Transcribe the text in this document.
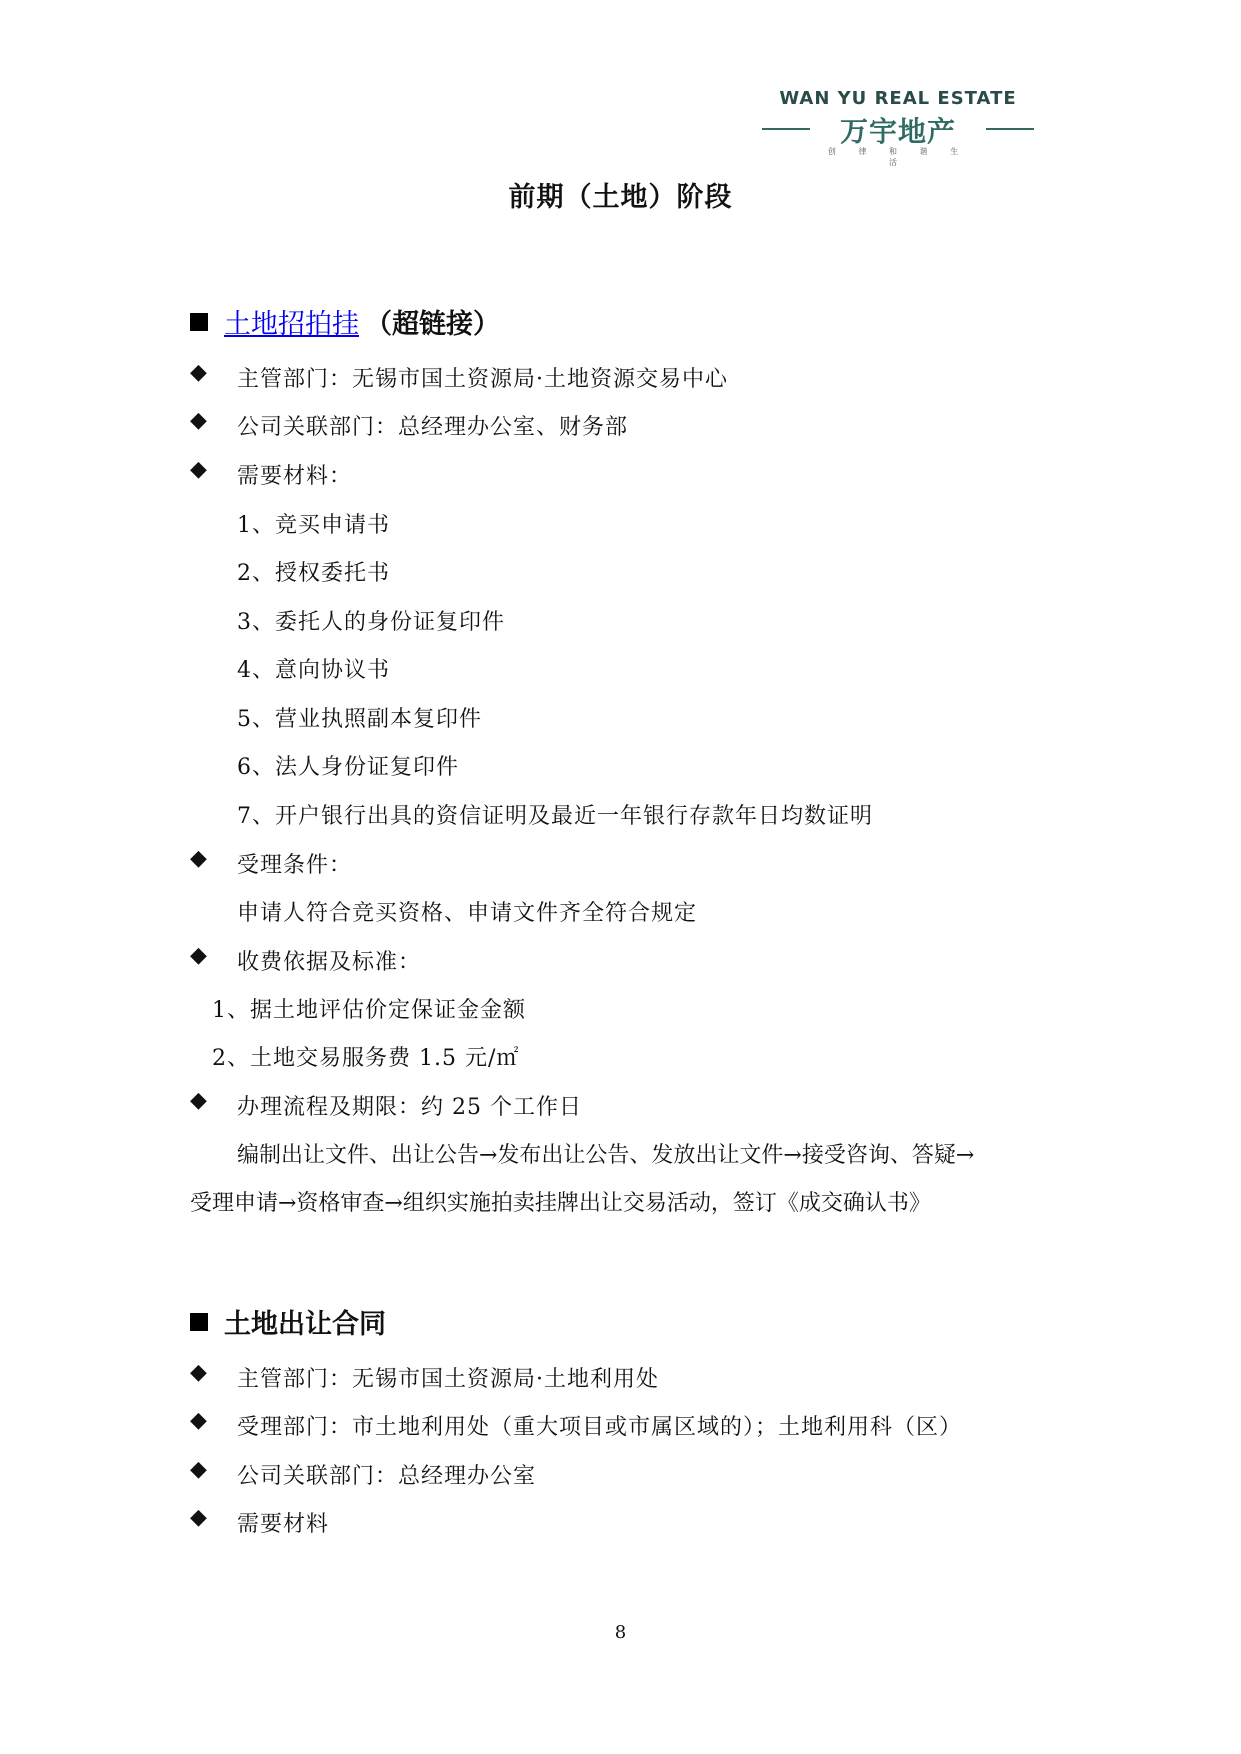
WAN YU REAL ESTATE
万宇地产
创 律 和 谐 生 活
前期（土地）阶段
土地招拍挂 （超链接）
◆ 主管部门：无锡市国土资源局·土地资源交易中心
◆ 公司关联部门：总经理办公室、财务部
◆ 需要材料：
1、竞买申请书
2、授权委托书
3、委托人的身份证复印件
4、意向协议书
5、营业执照副本复印件
6、法人身份证复印件
7、开户银行出具的资信证明及最近一年银行存款年日均数证明
◆ 受理条件：
申请人符合竞买资格、申请文件齐全符合规定
◆ 收费依据及标准：
1、据土地评估价定保证金金额
2、土地交易服务费 1.5 元/㎡
◆ 办理流程及期限：约 25 个工作日
编制出让文件、出让公告→发布出让公告、发放出让文件→接受咨询、答疑→
受理申请→资格审查→组织实施拍卖挂牌出让交易活动，签订《成交确认书》
土地出让合同
◆ 主管部门：无锡市国土资源局·土地利用处
◆ 受理部门：市土地利用处（重大项目或市属区域的）；土地利用科（区）
◆ 公司关联部门：总经理办公室
◆ 需要材料
8
